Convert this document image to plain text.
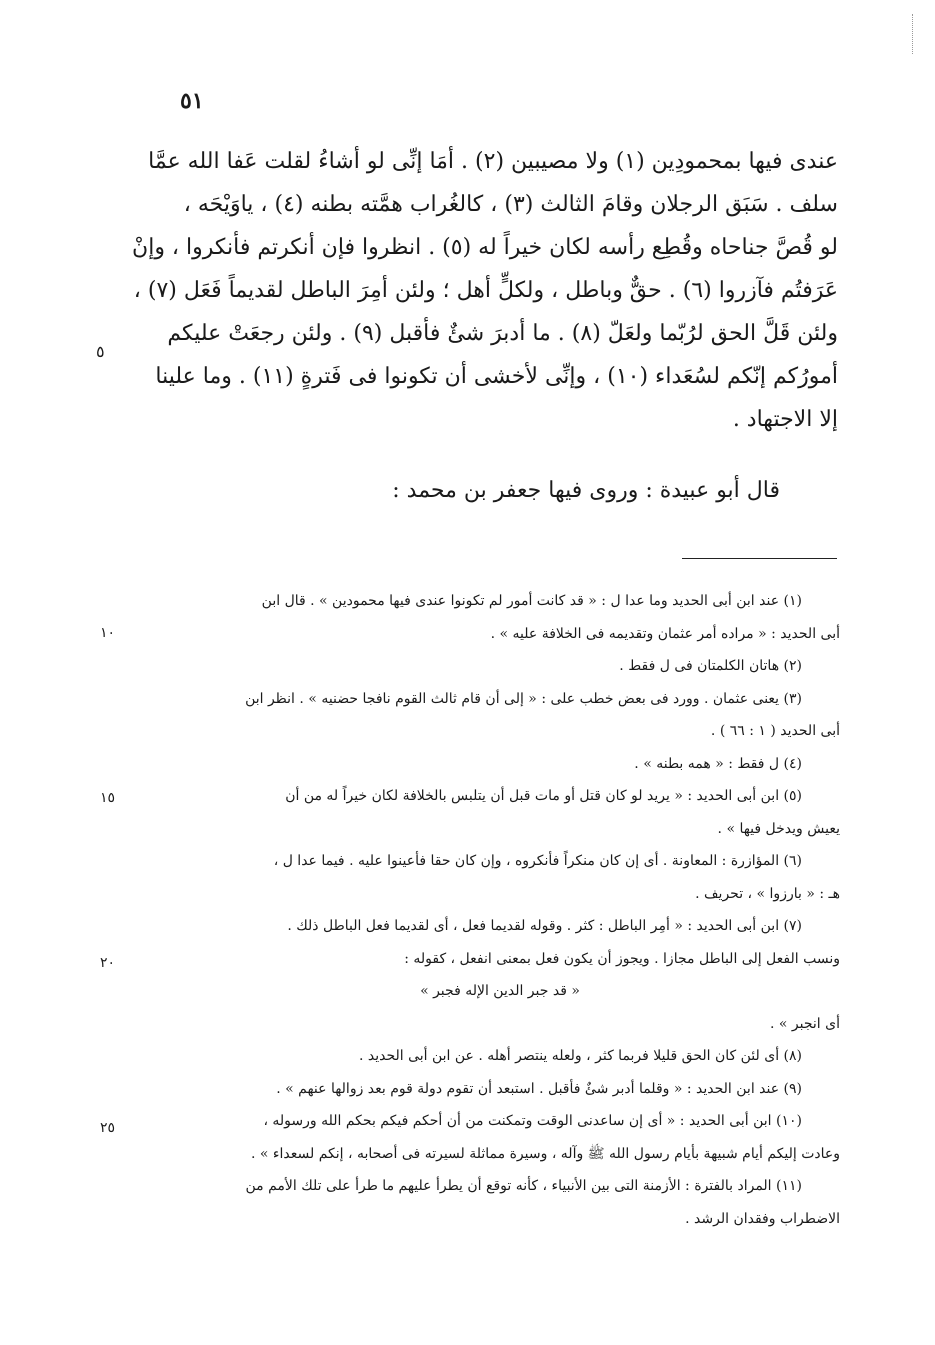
٥١
عندى فيها بمحمودِين (١) ولا مصيبين (٢) . أمَا إنِّى لو أشاءُ لقلت عَفا الله عمَّا
سلف . سَبَق الرجلان وقامَ الثالث (٣) ، كالغُراب همَّته بطنه (٤) ، ياوَيْحَه ،
لو قُصَّ جناحاه وقُطِع رأسه لكان خيراً له (٥) . انظروا فإن أنكرتم فأنكروا ، وإنْ
عَرَفتُم فآزروا (٦) . حقٌّ وباطل ، ولكلٍّ أهل ؛ ولئن أمِرَ الباطل لقديماً فَعَل (٧) ،
ولئن قَلَّ الحق لرُبّما ولعَلّ (٨) . ما أدبرَ شئٌ فأقبل (٩) . ولئن رجعَتْ عليكم
أمورُكم إنّكم لسُعَداء (١٠) ، وإنِّى لأخشى أن تكونوا فى فَترةٍ (١١) . وما علينا
إلا الاجتهاد .
قال أبو عبيدة : وروى فيها جعفر بن محمد :
(١) عند ابن أبى الحديد وما عدا ل : « قد كانت أمور لم تكونوا عندى فيها محمودين » . قال ابن
أبى الحديد : « مراده أمر عثمان وتقديمه فى الخلافة عليه » .
(٢) هاتان الكلمتان فى ل فقط .
(٣) يعنى عثمان . وورد فى بعض خطب على : « إلى أن قام ثالث القوم نافجا حضنيه » . انظر ابن
أبى الحديد ( ١ : ٦٦ ) .
(٤) ل فقط : « همه بطنه » .
(٥) ابن أبى الحديد : « يريد لو كان قتل أو مات قبل أن يتلبس بالخلافة لكان خيراً له من أن
يعيش ويدخل فيها » .
(٦) المؤازرة : المعاونة . أى إن كان منكراً فأنكروه ، وإن كان حقا فأعينوا عليه . فيما عدا ل ،
هـ : « بارزوا » ، تحريف .
(٧) ابن أبى الحديد : « أمِر الباطل : كثر . وقوله لقديما فعل ، أى لقديما فعل الباطل ذلك .
ونسب الفعل إلى الباطل مجازا . ويجوز أن يكون فعل بمعنى انفعل ، كقوله :
« قد جبر الدين الإله فجبر »
أى انجبر » .
(٨) أى لئن كان الحق قليلا فربما كثر ، ولعله ينتصر أهله . عن ابن أبى الحديد .
(٩) عند ابن الحديد : « وقلما أدبر شئٌ فأقبل . استبعد أن تقوم دولة قوم بعد زوالها عنهم » .
(١٠) ابن أبى الحديد : « أى إن ساعدنى الوقت وتمكنت من أن أحكم فيكم بحكم الله ورسوله ،
وعادت إليكم أيام شبيهة بأيام رسول الله ﷺ وآله ، وسيرة مماثلة لسيرته فى أصحابه ، إنكم لسعداء » .
(١١) المراد بالفترة : الأزمنة التى بين الأنبياء ، كأنه توقع أن يطرأ عليهم ما طرأ على تلك الأمم من
الاضطراب وفقدان الرشد .
٥
١٠
١٥
٢٠
٢٥
